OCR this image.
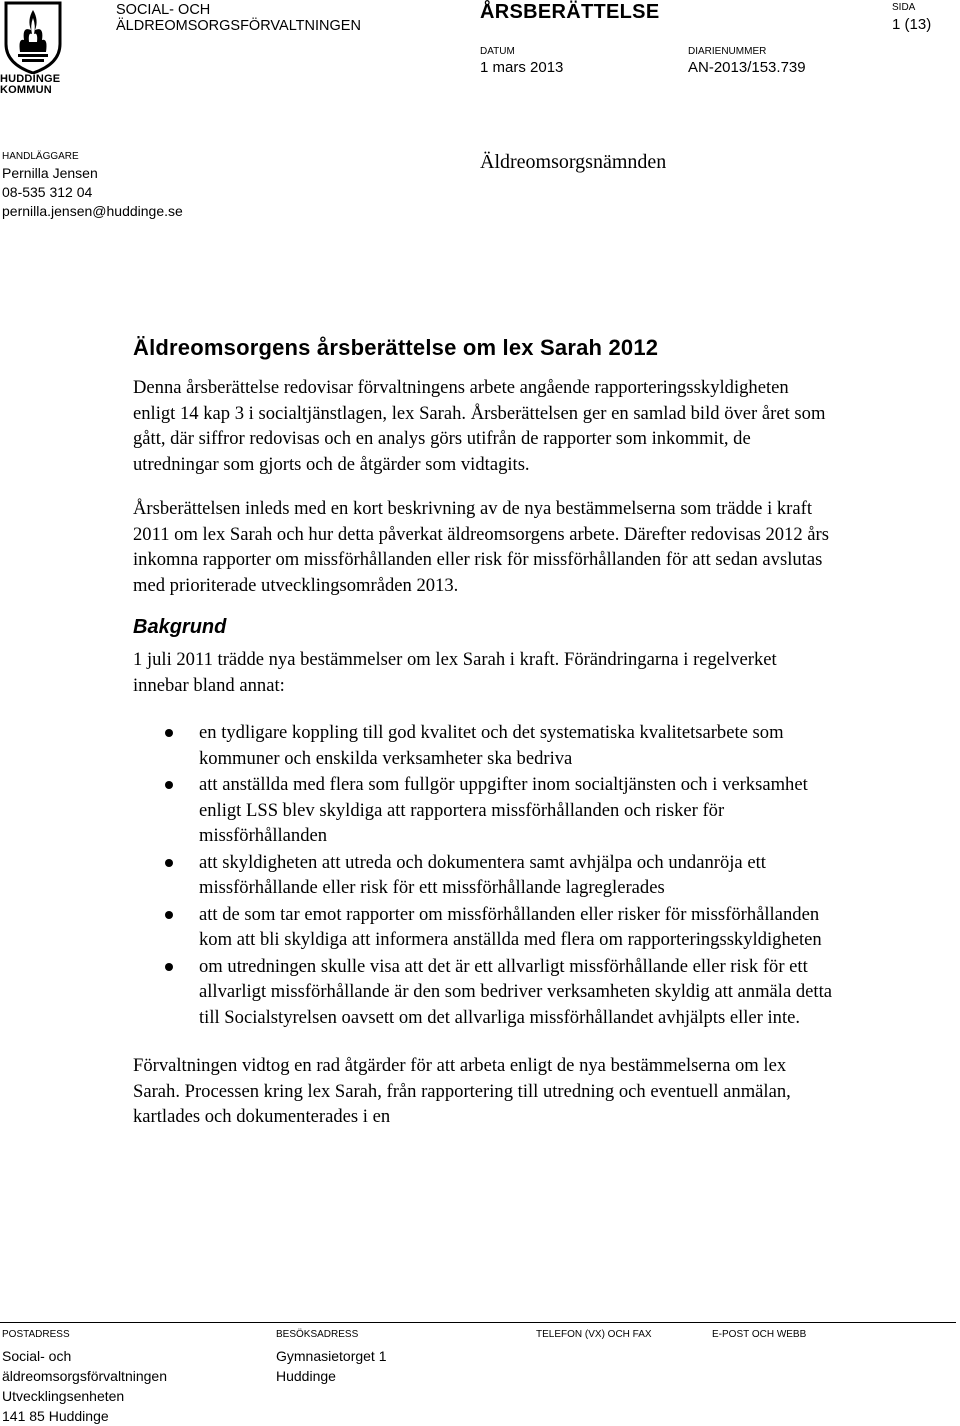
HUDDINGE
KOMMUN
SOCIAL- OCH
ÄLDREOMSORGSFÖRVALTNINGEN
ÅRSBERÄTTELSE	SIDA
1 (13)
DATUM
1 mars 2013
DIARIENUMMER
AN-2013/153.739
HANDLÄGGARE
Pernilla Jensen
08-535 312 04
pernilla.jensen@huddinge.se
Äldreomsorgsnämnden
Äldreomsorgens årsberättelse om lex Sarah 2012

Denna årsberättelse redovisar förvaltningens arbete angående rapporteringsskyldigheten enligt 14 kap 3 i socialtjänstlagen, lex Sarah. Årsberättelsen ger en samlad bild över året som gått, där siffror redovisas och en analys görs utifrån de rapporter som inkommit, de utredningar som gjorts och de åtgärder som vidtagits.

Årsberättelsen inleds med en kort beskrivning av de nya bestämmelserna som trädde i kraft 2011 om lex Sarah och hur detta påverkat äldreomsorgens arbete. Därefter redovisas 2012 års inkomna rapporter om missförhållanden eller risk för missförhållanden för att sedan avslutas med prioriterade utvecklingsområden 2013.

Bakgrund

1 juli 2011 trädde nya bestämmelser om lex Sarah i kraft. Förändringarna i regelverket innebar bland annat:

en tydligare koppling till god kvalitet och det systematiska kvalitetsarbete som kommuner och enskilda verksamheter ska bedriva
att anställda med flera som fullgör uppgifter inom socialtjänsten och i verksamhet enligt LSS blev skyldiga att rapportera missförhållanden och risker för missförhållanden
att skyldigheten att utreda och dokumentera samt avhjälpa och undanröja ett missförhållande eller risk för ett missförhållande lagreglerades
att de som tar emot rapporter om missförhållanden eller risker för missförhållanden kom att bli skyldiga att informera anställda med flera om rapporteringsskyldigheten
om utredningen skulle visa att det är ett allvarligt missförhållande eller risk för ett allvarligt missförhållande är den som bedriver verksamheten skyldig att anmäla detta till Socialstyrelsen oavsett om det allvarliga missförhållandet avhjälpts eller inte.

Förvaltningen vidtog en rad åtgärder för att arbeta enligt de nya bestämmelserna om lex Sarah. Processen kring lex Sarah, från rapportering till utredning och eventuell anmälan, kartlades och dokumenterades i en

POSTADRESS
Social- och
äldreomsorgsförvaltningen
Utvecklingsenheten
141 85 Huddinge
BESÖKSADRESS
Gymnasietorget 1
Huddinge
TELEFON (VX) OCH FAX	E-POST OCH WEBB
